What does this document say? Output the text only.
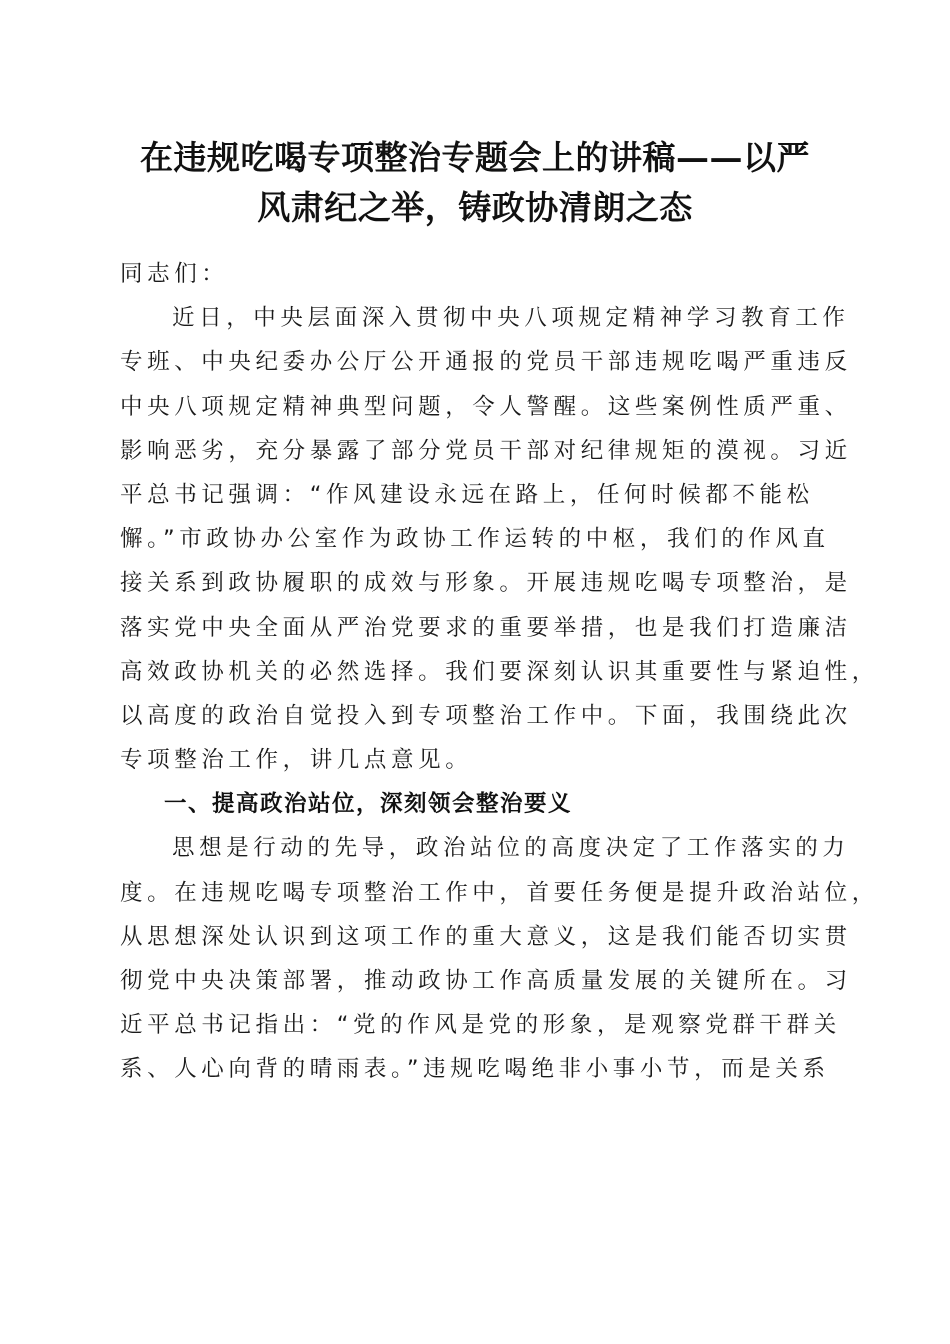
在违规吃喝专项整治专题会上的讲稿——以严
风肃纪之举，铸政协清朗之态
同志们：
近日，中央层面深入贯彻中央八项规定精神学习教育工作
专班、中央纪委办公厅公开通报的党员干部违规吃喝严重违反
中央八项规定精神典型问题，令人警醒。这些案例性质严重、
影响恶劣，充分暴露了部分党员干部对纪律规矩的漠视。习近
平总书记强调：“作风建设永远在路上，任何时候都不能松
懈。”市政协办公室作为政协工作运转的中枢，我们的作风直
接关系到政协履职的成效与形象。开展违规吃喝专项整治，是
落实党中央全面从严治党要求的重要举措，也是我们打造廉洁
高效政协机关的必然选择。我们要深刻认识其重要性与紧迫性，
以高度的政治自觉投入到专项整治工作中。下面，我围绕此次
专项整治工作，讲几点意见。
一、提高政治站位，深刻领会整治要义
思想是行动的先导，政治站位的高度决定了工作落实的力
度。在违规吃喝专项整治工作中，首要任务便是提升政治站位，
从思想深处认识到这项工作的重大意义，这是我们能否切实贯
彻党中央决策部署，推动政协工作高质量发展的关键所在。习
近平总书记指出：“党的作风是党的形象，是观察党群干群关
系、人心向背的晴雨表。”违规吃喝绝非小事小节，而是关系
